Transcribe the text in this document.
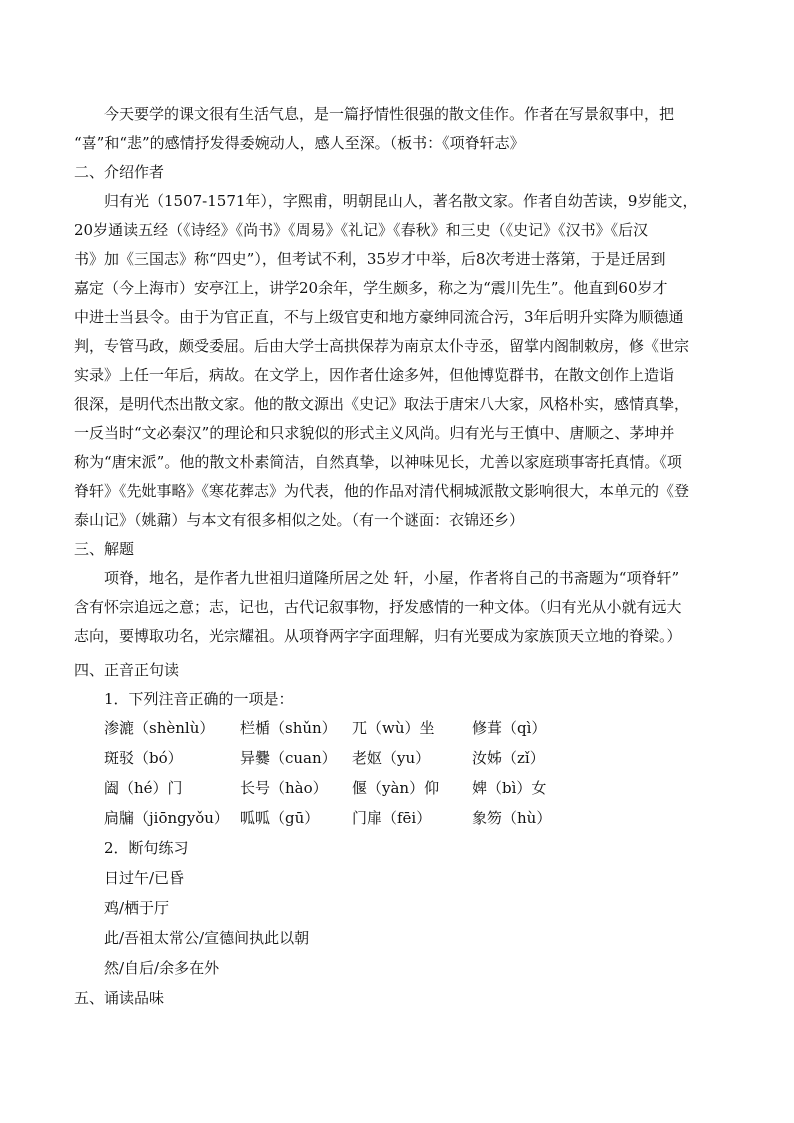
今天要学的课文很有生活气息，是一篇抒情性很强的散文佳作。作者在写景叙事中，把
“喜”和“悲”的感情抒发得委婉动人，感人至深。（板书：《项脊轩志》
二、介绍作者
归有光（1507-1571年），字熙甫，明朝昆山人，著名散文家。作者自幼苦读，9岁能文，
20岁通读五经（《诗经》《尚书》《周易》《礼记》《春秋》和三史（《史记》《汉书》《后汉
书》加《三国志》称“四史”），但考试不利，35岁才中举，后8次考进士落第，于是迁居到
嘉定（今上海市）安亭江上，讲学20余年，学生颇多，称之为“震川先生”。他直到60岁才
中进士当县令。由于为官正直，不与上级官吏和地方豪绅同流合污，3年后明升实降为顺德通
判，专管马政，颇受委屈。后由大学士高拱保荐为南京太仆寺丞，留掌内阁制敕房，修《世宗
实录》上任一年后，病故。在文学上，因作者仕途多舛，但他博览群书，在散文创作上造诣
很深，是明代杰出散文家。他的散文源出《史记》取法于唐宋八大家，风格朴实，感情真挚，
一反当时“文必秦汉”的理论和只求貌似的形式主义风尚。归有光与王慎中、唐顺之、茅坤并
称为“唐宋派”。他的散文朴素简洁，自然真挚，以神味见长，尤善以家庭琐事寄托真情。《项
脊轩》《先妣事略》《寒花葬志》为代表，他的作品对清代桐城派散文影响很大，本单元的《登
泰山记》（姚鼐）与本文有很多相似之处。（有一个谜面：衣锦还乡）
三、解题
项脊，地名，是作者九世祖归道隆所居之处 轩，小屋，作者将自己的书斋题为“项脊轩”
含有怀宗追远之意；志，记也，古代记叙事物，抒发感情的一种文体。（归有光从小就有远大
志向，要博取功名，光宗耀祖。从项脊两字字面理解，归有光要成为家族顶天立地的脊梁。）
四、正音正句读
1．下列注音正确的一项是：
渗漉（shènlù） 栏楯（shǔn） 兀（wù）坐 修葺（qì）
斑驳（bó）	异爨（cuan） 老妪（yu）	汝姊（zǐ）
阖（hé）门	长号（hào） 偃（yàn）仰 婢（bì）女
扃牖（jiōngyǒu） 呱呱（gū） 门扉（fēi）	象笏（hù）
2．断句练习
日过午/已昏
鸡/栖于厅
此/吾祖太常公/宣德间执此以朝
然/自后/余多在外
五、诵读品味
